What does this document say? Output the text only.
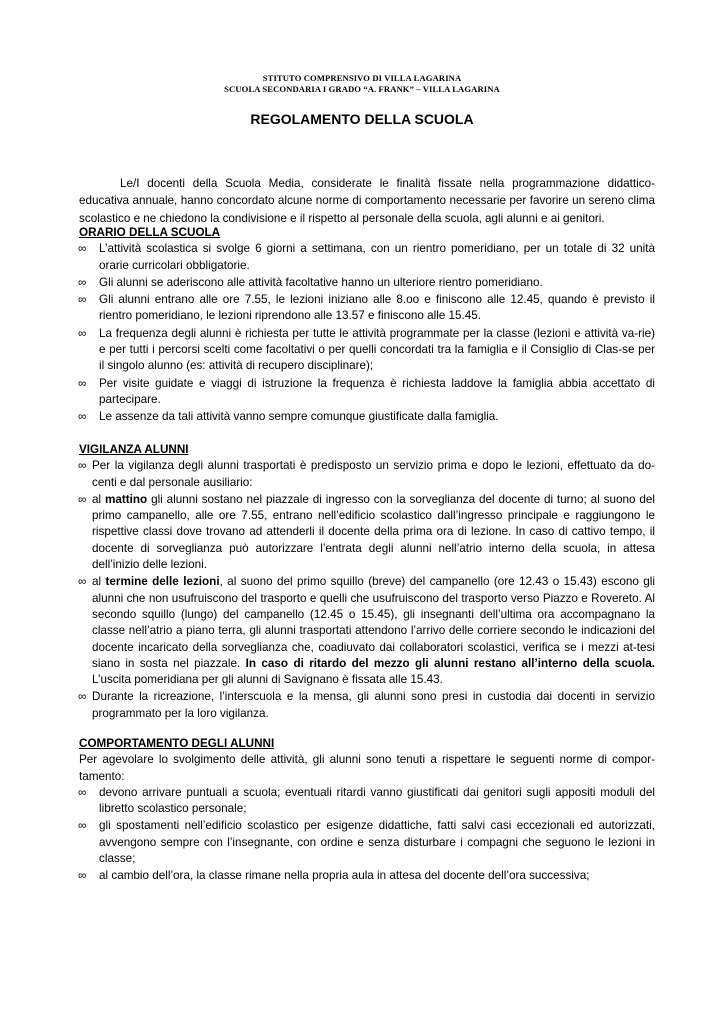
STITUTO COMPRENSIVO DI VILLA LAGARINA
SCUOLA SECONDARIA I GRADO “A. FRANK” – VILLA LAGARINA
REGOLAMENTO DELLA SCUOLA

Le/I docenti della Scuola Media, considerate le finalità fissate nella programmazione didattico-educativa annuale, hanno concordato alcune norme di comportamento necessarie per favorire un sereno clima scolastico e ne chiedono la condivisione e il rispetto al personale della scuola, agli alunni e ai genitori.

ORARIO DELLA SCUOLA
∞ L’attività scolastica si svolge 6 giorni a settimana, con un rientro pomeridiano, per un totale di 32 unità orarie curricolari obbligatorie.
∞ Gli alunni se aderiscono alle attività facoltative hanno un ulteriore rientro pomeridiano.
∞ Gli alunni entrano alle ore 7.55, le lezioni iniziano alle 8.oo e finiscono alle 12.45, quando è previsto il rientro pomeridiano, le lezioni riprendono alle 13.57 e finiscono alle 15.45.
∞ La frequenza degli alunni è richiesta per tutte le attività programmate per la classe (lezioni e attività va-rie) e per tutti i percorsi scelti come facoltativi o per quelli concordati tra la famiglia e il Consiglio di Clas-se per il singolo alunno (es: attività di recupero disciplinare);
∞ Per visite guidate e viaggi di istruzione la frequenza è richiesta laddove la famiglia abbia accettato di partecipare.
∞ Le assenze da tali attività vanno sempre comunque giustificate dalla famiglia.
VIGILANZA ALUNNI
∞ Per la vigilanza degli alunni trasportati è predisposto un servizio prima e dopo le lezioni, effettuato da do-centi e dal personale ausiliario:
∞ al mattino gli alunni sostano nel piazzale di ingresso con la sorveglianza del docente di turno; al suono del primo campanello, alle ore 7.55, entrano nell’edificio scolastico dall’ingresso principale e raggiungono le rispettive classi dove trovano ad attenderli il docente della prima ora di lezione. In caso di cattivo tempo, il docente di sorveglianza può autorizzare l’entrata degli alunni nell’atrio interno della scuola, in attesa dell’inizio delle lezioni.
∞ al termine delle lezioni, al suono del primo squillo (breve) del campanello (ore 12.43 o 15.43) escono gli alunni che non usufruiscono del trasporto e quelli che usufruiscono del trasporto verso Piazzo e Rovereto. Al secondo squillo (lungo) del campanello (12.45 o 15.45), gli insegnanti dell’ultima ora accompagnano la classe nell’atrio a piano terra, gli alunni trasportati attendono l’arrivo delle corriere secondo le indicazioni del docente incaricato della sorveglianza che, coadiuvato dai collaboratori scolastici, verifica se i mezzi at-tesi siano in sosta nel piazzale. In caso di ritardo del mezzo gli alunni restano all’interno della scuola. L’uscita pomeridiana per gli alunni di Savignano è fissata alle 15.43.
∞ Durante la ricreazione, l’interscuola e la mensa, gli alunni sono presi in custodia dai docenti in servizio programmato per la loro vigilanza.
COMPORTAMENTO DEGLI ALUNNI

Per agevolare lo svolgimento delle attività, gli alunni sono tenuti a rispettare le seguenti norme di compor-tamento:

∞ devono arrivare puntuali a scuola; eventuali ritardi vanno giustificati dai genitori sugli appositi moduli del libretto scolastico personale;
∞ gli spostamenti nell’edificio scolastico per esigenze didattiche, fatti salvi casi eccezionali ed autorizzati, avvengono sempre con l’insegnante, con ordine e senza disturbare i compagni che seguono le lezioni in classe;
∞ al cambio dell’ora, la classe rimane nella propria aula in attesa del docente dell’ora successiva;
